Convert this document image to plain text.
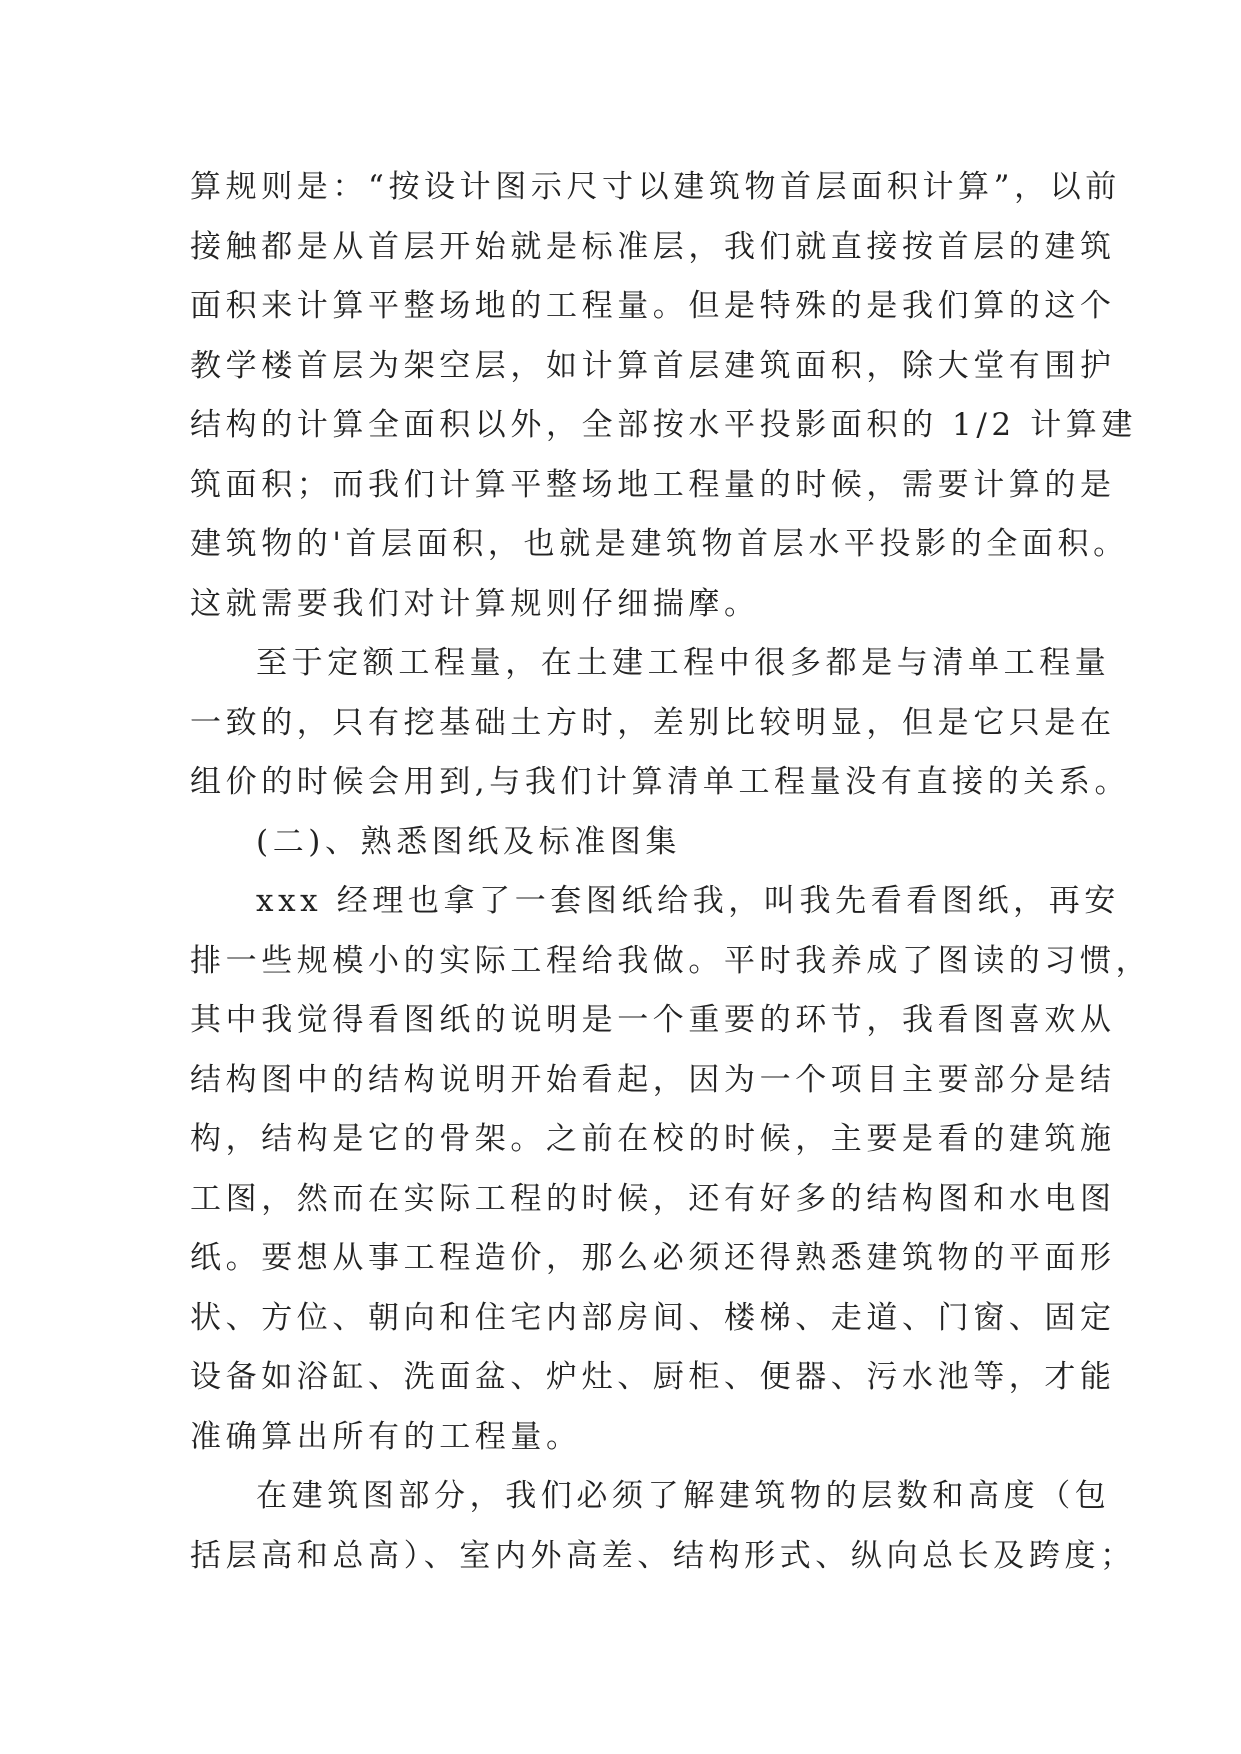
算规则是：“按设计图示尺寸以建筑物首层面积计算”，以前
接触都是从首层开始就是标准层，我们就直接按首层的建筑
面积来计算平整场地的工程量。但是特殊的是我们算的这个
教学楼首层为架空层，如计算首层建筑面积，除大堂有围护
结构的计算全面积以外，全部按水平投影面积的 1/2 计算建
筑面积；而我们计算平整场地工程量的时候，需要计算的是
建筑物的'首层面积，也就是建筑物首层水平投影的全面积。
这就需要我们对计算规则仔细揣摩。

至于定额工程量，在土建工程中很多都是与清单工程量
一致的，只有挖基础土方时，差别比较明显，但是它只是在
组价的时候会用到,与我们计算清单工程量没有直接的关系。

(二)、熟悉图纸及标准图集

xxx 经理也拿了一套图纸给我，叫我先看看图纸，再安
排一些规模小的实际工程给我做。平时我养成了图读的习惯，
其中我觉得看图纸的说明是一个重要的环节，我看图喜欢从
结构图中的结构说明开始看起，因为一个项目主要部分是结
构，结构是它的骨架。之前在校的时候，主要是看的建筑施
工图，然而在实际工程的时候，还有好多的结构图和水电图
纸。要想从事工程造价，那么必须还得熟悉建筑物的平面形
状、方位、朝向和住宅内部房间、楼梯、走道、门窗、固定
设备如浴缸、洗面盆、炉灶、厨柜、便器、污水池等，才能
准确算出所有的工程量。

在建筑图部分，我们必须了解建筑物的层数和高度（包
括层高和总高）、室内外高差、结构形式、纵向总长及跨度；
